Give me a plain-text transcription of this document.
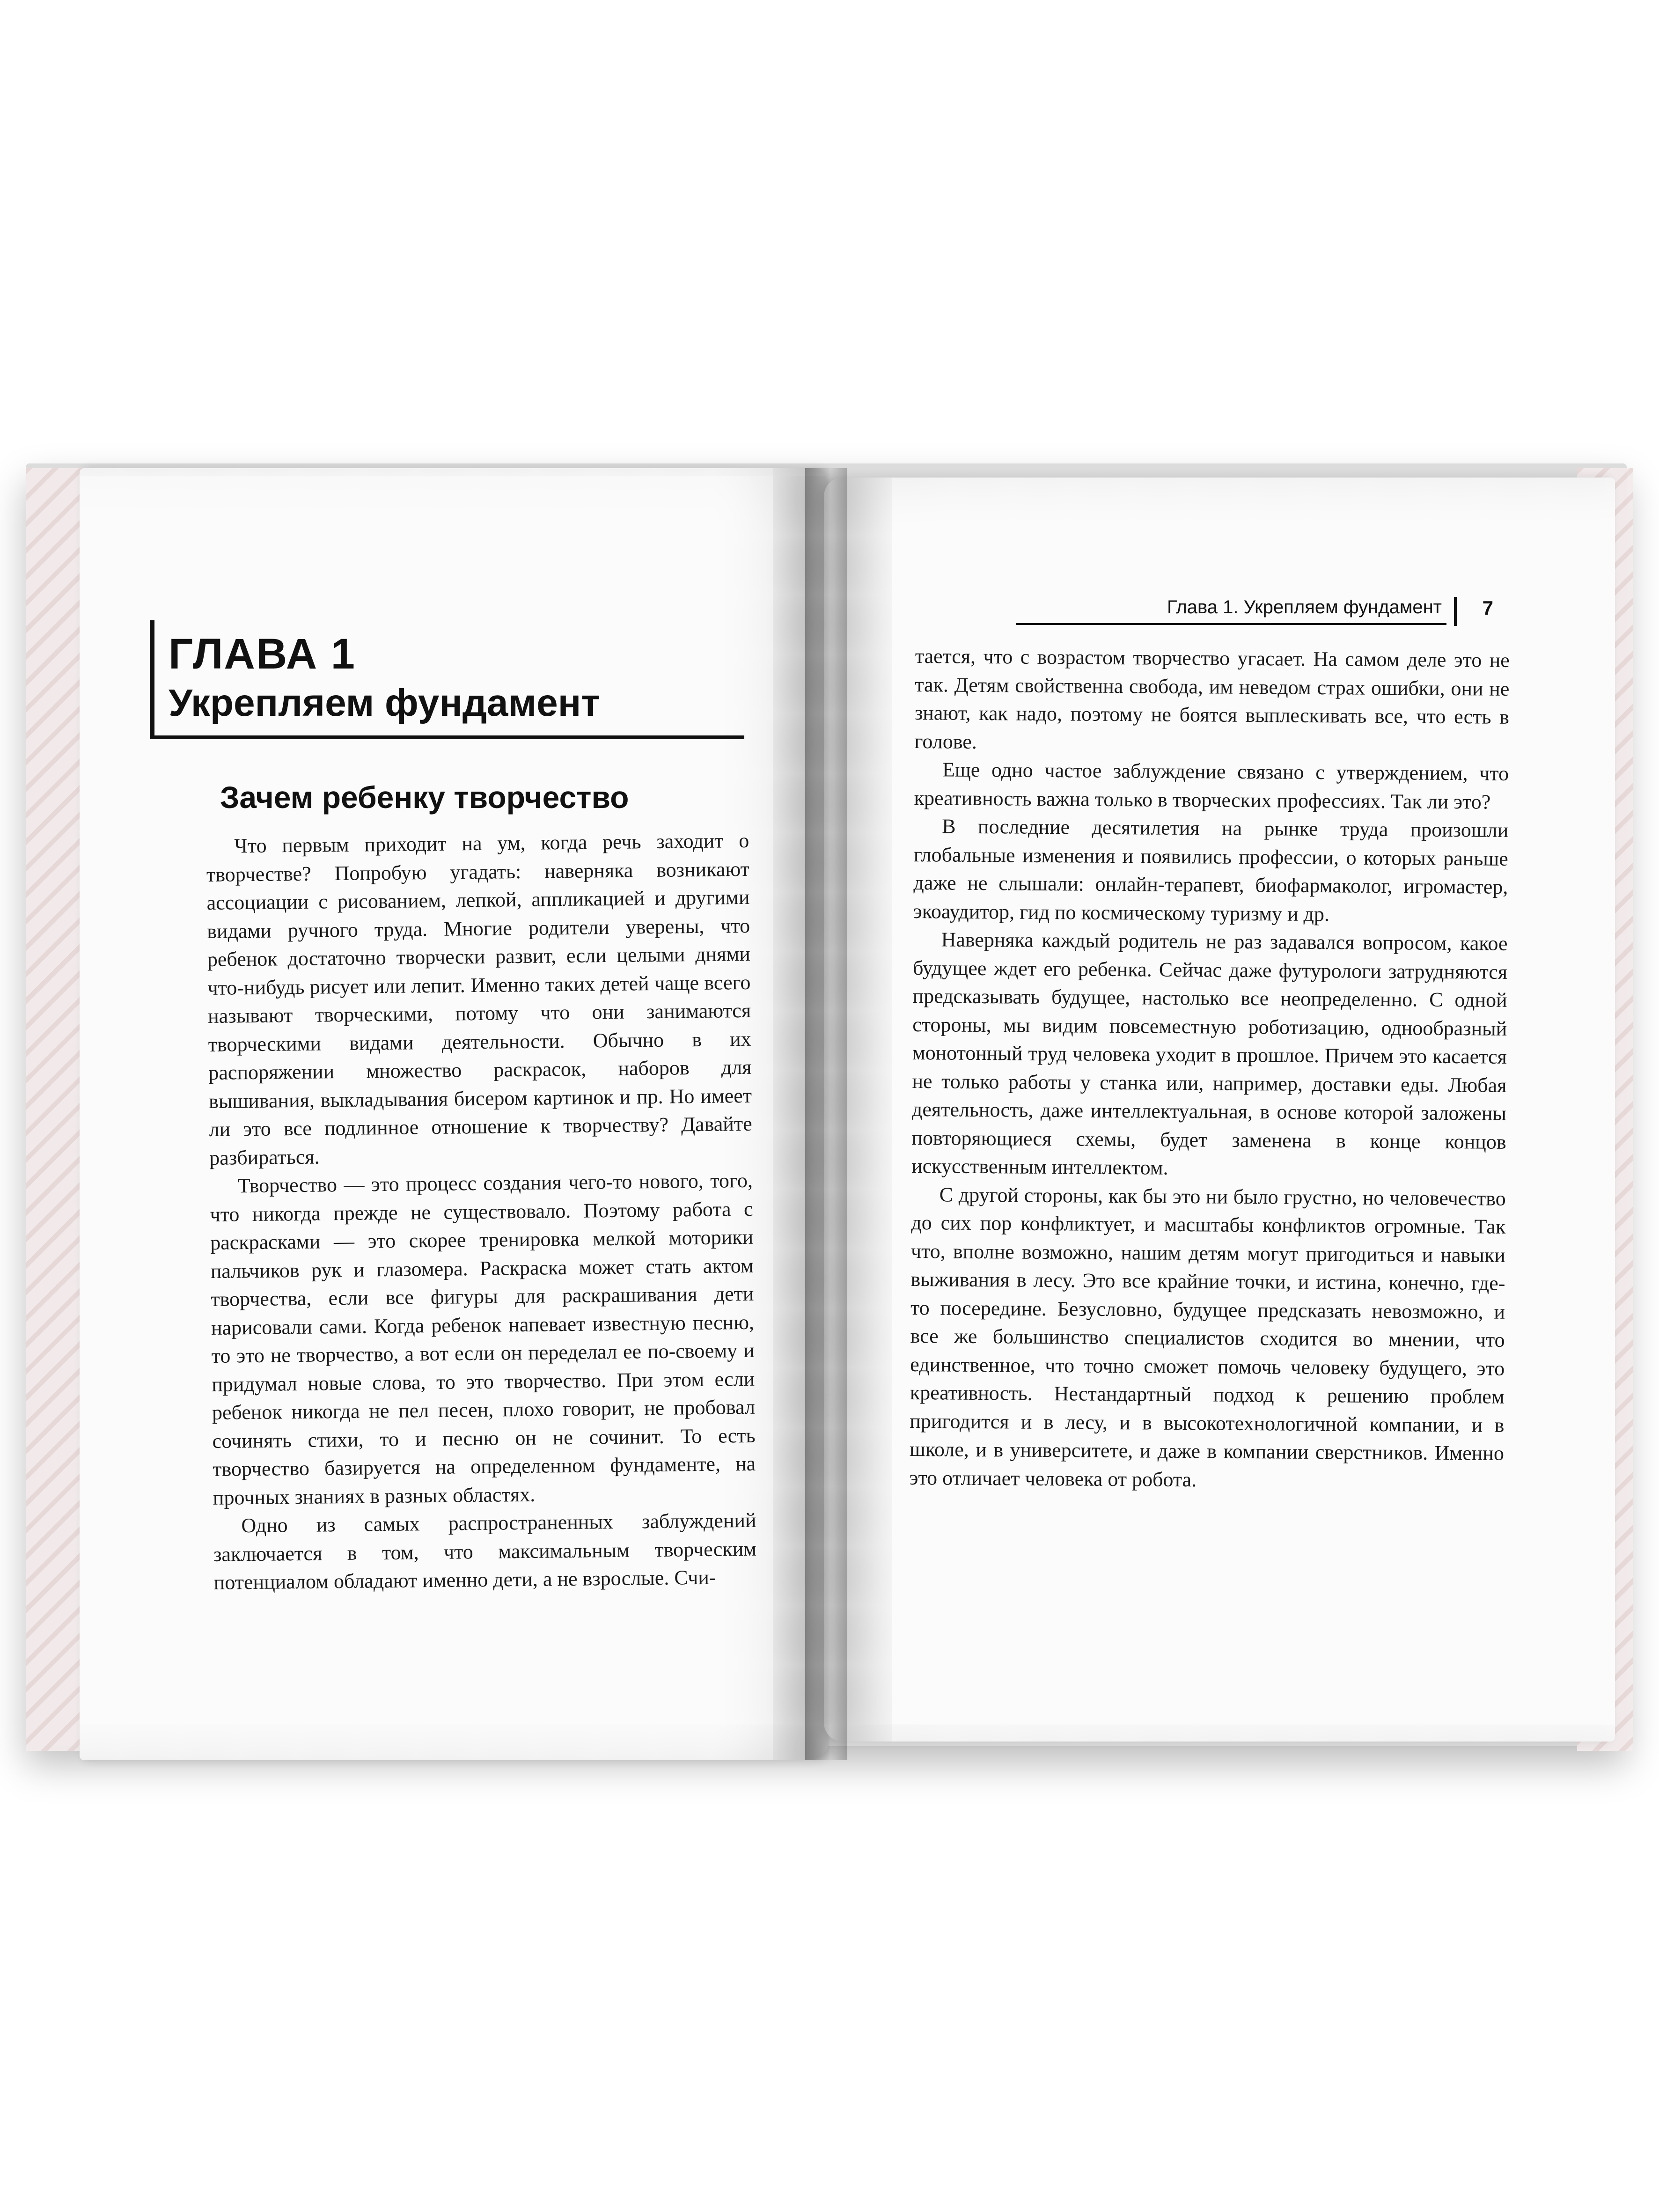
ГЛАВА 1
Укрепляем фундамент
Зачем ребенку творчество

Что первым приходит на ум, когда речь заходит о творчестве? Попробую угадать: наверняка возникают ассоциации с рисованием, лепкой, аппликацией и другими видами ручного труда. Многие родители уверены, что ребенок достаточно творчески развит, если целыми днями что-нибудь рисует или лепит. Именно таких детей чаще всего называют творческими, потому что они занимаются творческими видами деятельности. Обычно в их распоряжении множество раскрасок, наборов для вышивания, выкладывания бисером картинок и пр. Но имеет ли это все подлинное отношение к творчеству? Давайте разбираться.

Творчество — это процесс создания чего-то нового, того, что никогда прежде не существовало. Поэтому работа с раскрасками — это скорее тренировка мелкой моторики пальчиков рук и глазомера. Раскраска может стать актом творчества, если все фигуры для раскрашивания дети нарисовали сами. Когда ребенок напевает известную песню, то это не творчество, а вот если он переделал ее по-своему и придумал новые слова, то это творчество. При этом если ребенок никогда не пел песен, плохо говорит, не пробовал сочинять стихи, то и песню он не сочинит. То есть творчество базируется на определенном фундаменте, на прочных знаниях в разных областях.

Одно из самых распространенных заблуждений заключается в том, что максимальным творческим потенциалом обладают именно дети, а не взрослые. Счи-

Глава 1. Укрепляем фундамент 7

тается, что с возрастом творчество угасает. На самом деле это не так. Детям свойственна свобода, им неведом страх ошибки, они не знают, как надо, поэтому не боятся выплескивать все, что есть в голове.

Еще одно частое заблуждение связано с утверждением, что креативность важна только в творческих профессиях. Так ли это?

В последние десятилетия на рынке труда произошли глобальные изменения и появились профессии, о которых раньше даже не слышали: онлайн-терапевт, биофармаколог, игромастер, экоаудитор, гид по космическому туризму и др.

Наверняка каждый родитель не раз задавался вопросом, какое будущее ждет его ребенка. Сейчас даже футурологи затрудняются предсказывать будущее, настолько все неопределенно. С одной стороны, мы видим повсеместную роботизацию, однообразный монотонный труд человека уходит в прошлое. Причем это касается не только работы у станка или, например, доставки еды. Любая деятельность, даже интеллектуальная, в основе которой заложены повторяющиеся схемы, будет заменена в конце концов искусственным интеллектом.

С другой стороны, как бы это ни было грустно, но человечество до сих пор конфликтует, и масштабы конфликтов огромные. Так что, вполне возможно, нашим детям могут пригодиться и навыки выживания в лесу. Это все крайние точки, и истина, конечно, где-то посередине. Безусловно, будущее предсказать невозможно, и все же большинство специалистов сходится во мнении, что единственное, что точно сможет помочь человеку будущего, это креативность. Нестандартный подход к решению проблем пригодится и в лесу, и в высокотехнологичной компании, и в школе, и в университете, и даже в компании сверстников. Именно это отличает человека от робота.
